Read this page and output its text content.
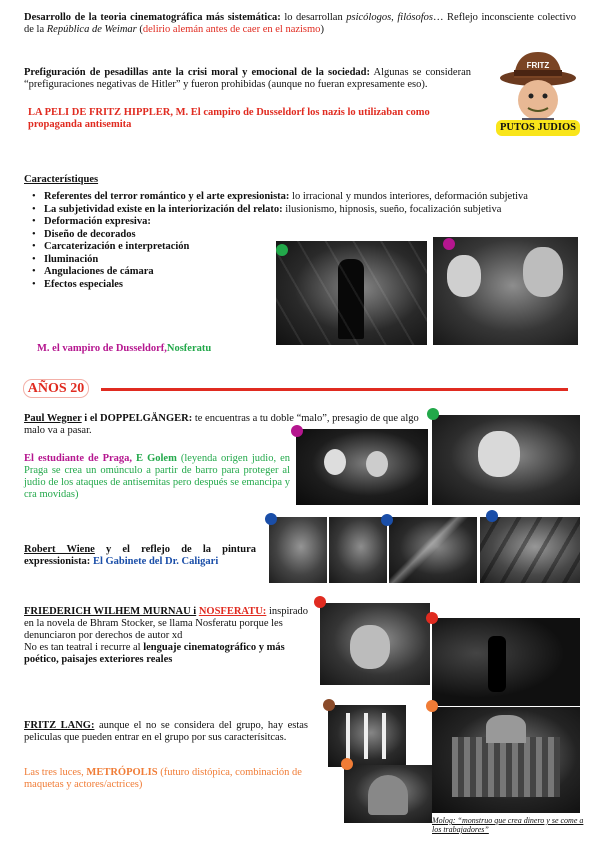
Desarrollo de la teoria cinematográfica más sistemática: lo desarrollan psicólogos, filósofos… Reflejo inconsciente colectivo de la República de Weimar (delirio alemán antes de caer en el nazismo)
Prefiguración de pesadillas ante la crisi moral y emocional de la sociedad: Algunas se consideran “prefiguraciones negativas de Hitler” y fueron prohibidas (aunque no fueran expresamente eso).
LA PELI DE FRITZ HIPPLER, M. El campiro de Dusseldorf los nazis lo utilizaban como propaganda antisemita
FRITZ
PUTOS JUDIOS
Característiques
• Referentes del terror romántico y el arte expresionista: lo irracional y mundos interiores, deformación subjetiva
• La subjetividad existe en la interiorización del relato: ilusionismo, hipnosis, sueño, focalización subjetiva
• Deformación expresiva:
• Diseño de decorados
• Carcaterización e interpretación
• Iluminación
• Angulaciones de cámara
• Efectos especiales
M. el vampiro de Dusseldorf,Nosferatu
AÑOS 20
Paul Wegner i el DOPPELGÄNGER: te encuentras a tu doble “malo”, presagio de que algo malo va a pasar.
El estudiante de Praga, E Golem (leyenda origen judio, en Praga se crea un omúnculo a partir de barro para proteger al judio de los ataques de antisemitas pero después se emancipa y cra movidas)
Robert Wiene y el reflejo de la pintura expressionista: El Gabinete del Dr. Caligari
FRIEDERICH WILHEM MURNAU i NOSFERATU: inspirado en la novela de Bhram Stocker, se llama Nosferatu porque les denunciaron por derechos de autor xd
No es tan teatral i recurre al lenguaje cinematográfico y más poético, paisajes exteriores reales
FRITZ LANG: aunque el no se considera del grupo, hay estas peliculas que pueden entrar en el grupo por sus caracterísitcas.
Las tres luces, METRÓPOLIS (futuro distópica, combinación de maquetas y actores/actrices)
Molog: “monstruo que crea dinero y se come a los trabajadores”
